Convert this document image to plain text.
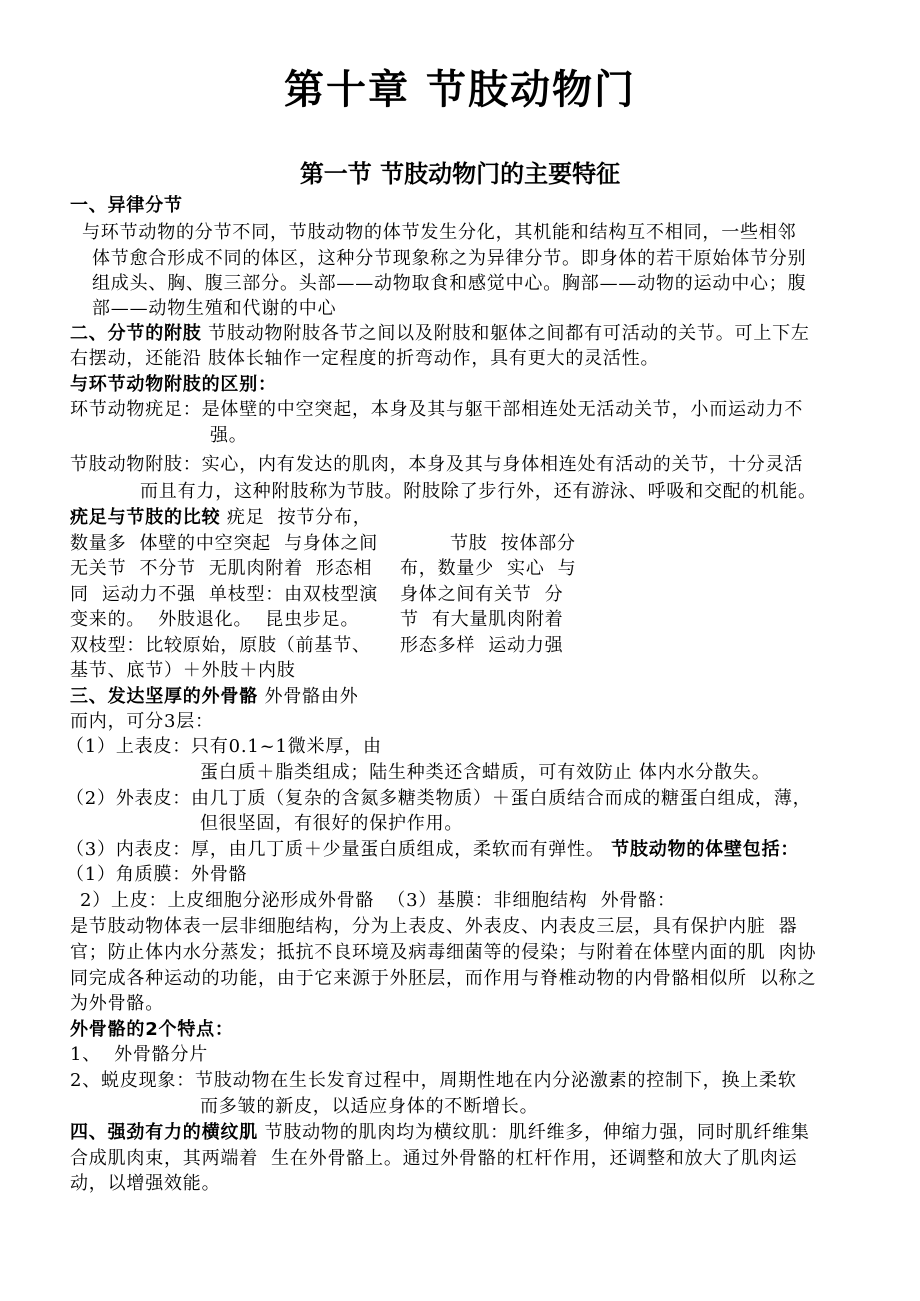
第十章 节肢动物门
第一节 节肢动物门的主要特征
一、异律分节
与环节动物的分节不同，节肢动物的体节发生分化，其机能和结构互不相同，一些相邻
体节愈合形成不同的体区，这种分节现象称之为异律分节。即身体的若干原始体节分别
组成头、胸、腹三部分。头部——动物取食和感觉中心。胸部——动物的运动中心；腹
部——动物生殖和代谢的中心
二、分节的附肢 节肢动物附肢各节之间以及附肢和躯体之间都有可活动的关节。可上下左
右摆动，还能沿 肢体长轴作一定程度的折弯动作，具有更大的灵活性。
与环节动物附肢的区别：
环节动物疣足：是体壁的中空突起，本身及其与躯干部相连处无活动关节，小而运动力不
强。
节肢动物附肢：实心，内有发达的肌肉，本身及其与身体相连处有活动的关节，十分灵活
而且有力，这种附肢称为节肢。附肢除了步行外，还有游泳、呼吸和交配的机能。
疣足与节肢的比较 疣足  按节分布，
数量多  体壁的中空突起  与身体之间	节肢  按体部分
无关节  不分节  无肌肉附着  形态相 布，数量少  实心  与
同  运动力不强  单枝型：由双枝型演 身体之间有关节  分
变来的。  外肢退化。  昆虫步足。 节  有大量肌肉附着
双枝型：比较原始，原肢（前基节、 形态多样  运动力强
基节、底节）＋外肢＋内肢
三、发达坚厚的外骨骼 外骨骼由外
而内，可分3层：
（1）上表皮：只有0.1~1微米厚，由
蛋白质＋脂类组成；陆生种类还含蜡质，可有效防止 体内水分散失。
（2）外表皮：由几丁质（复杂的含氮多糖类物质）＋蛋白质结合而成的糖蛋白组成，薄，
但很坚固，有很好的保护作用。
（3）内表皮：厚，由几丁质＋少量蛋白质组成，柔软而有弹性。 节肢动物的体壁包括：
（1）角质膜：外骨骼
2）上皮：上皮细胞分泌形成外骨骼  （3）基膜：非细胞结构  外骨骼：
是节肢动物体表一层非细胞结构，分为上表皮、外表皮、内表皮三层，具有保护内脏  器
官；防止体内水分蒸发；抵抗不良环境及病毒细菌等的侵染；与附着在体壁内面的肌  肉协
同完成各种运动的功能，由于它来源于外胚层，而作用与脊椎动物的内骨骼相似所  以称之
为外骨骼。
外骨骼的2个特点：
1、  外骨骼分片
2、蜕皮现象：节肢动物在生长发育过程中，周期性地在内分泌激素的控制下，换上柔软
而多皱的新皮，以适应身体的不断增长。
四、强劲有力的横纹肌 节肢动物的肌肉均为横纹肌：肌纤维多，伸缩力强，同时肌纤维集
合成肌肉束，其两端着  生在外骨骼上。通过外骨骼的杠杆作用，还调整和放大了肌肉运
动，以增强效能。
